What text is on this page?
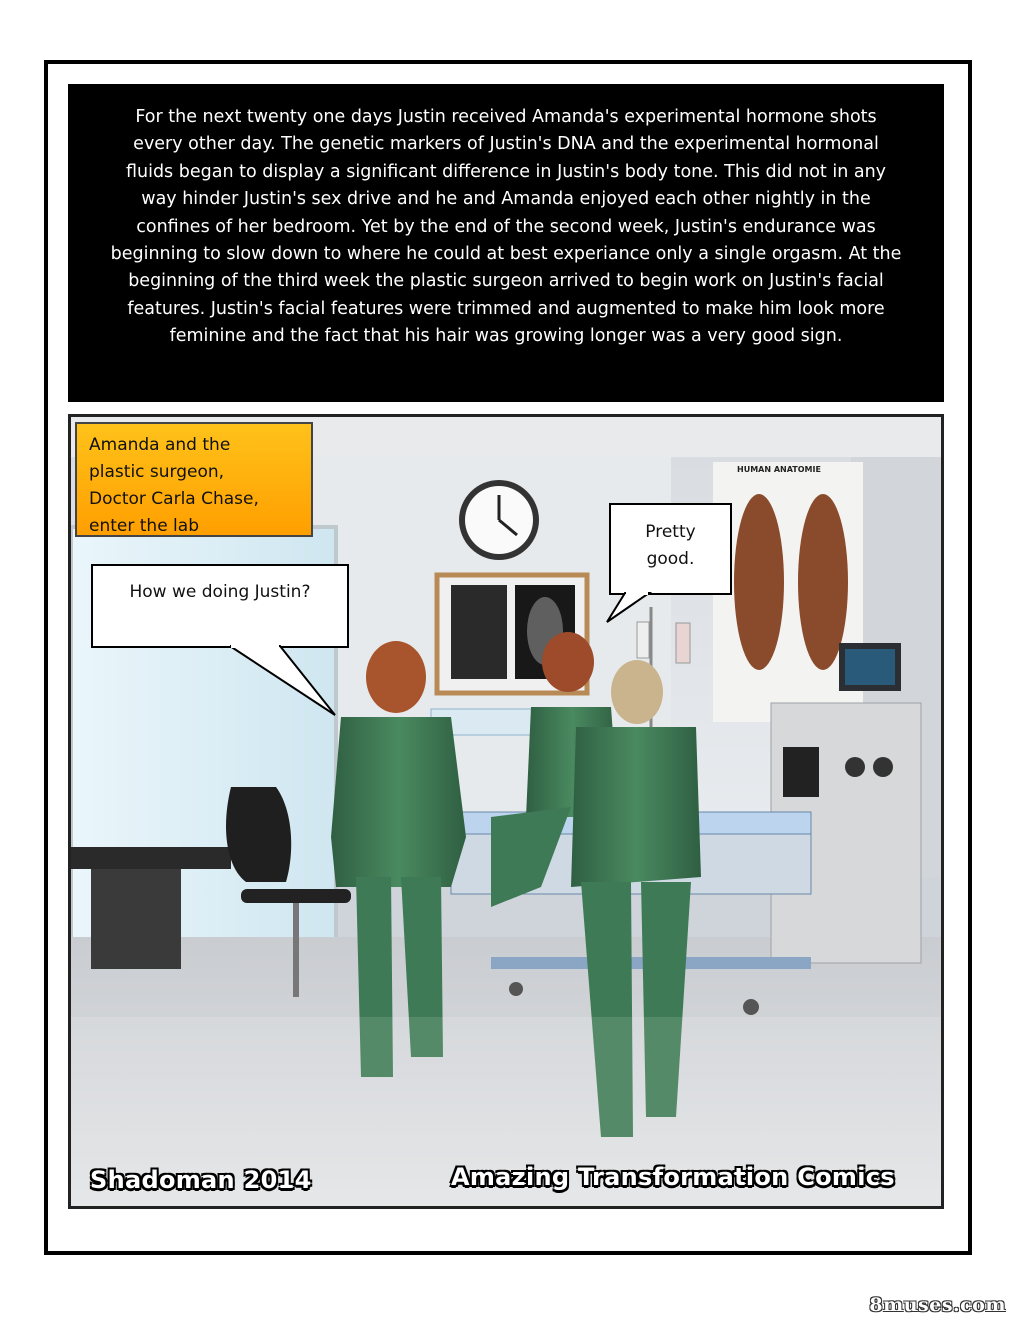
For the next twenty one days Justin received Amanda's experimental hormone shots
every other day. The genetic markers of Justin's DNA and the experimental hormonal
fluids began to display a significant difference in Justin's body tone. This did not in any
way hinder Justin's sex drive and he and Amanda enjoyed each other nightly in the
confines of her bedroom. Yet by the end of the second week, Justin's endurance was
beginning to slow down to where he could at best experiance only a single orgasm. At the
beginning of the third week the plastic surgeon arrived to begin work on Justin's facial
features. Justin's facial features were trimmed and augmented to make him look more
feminine and the fact that his hair was growing longer was a very good sign.
Amanda and the
plastic surgeon,
Doctor Carla Chase,
enter the lab
How we doing Justin?
Pretty
good.
HUMAN ANATOMIE
Shadoman 2014	Amazing Transformation Comics
8muses.com
